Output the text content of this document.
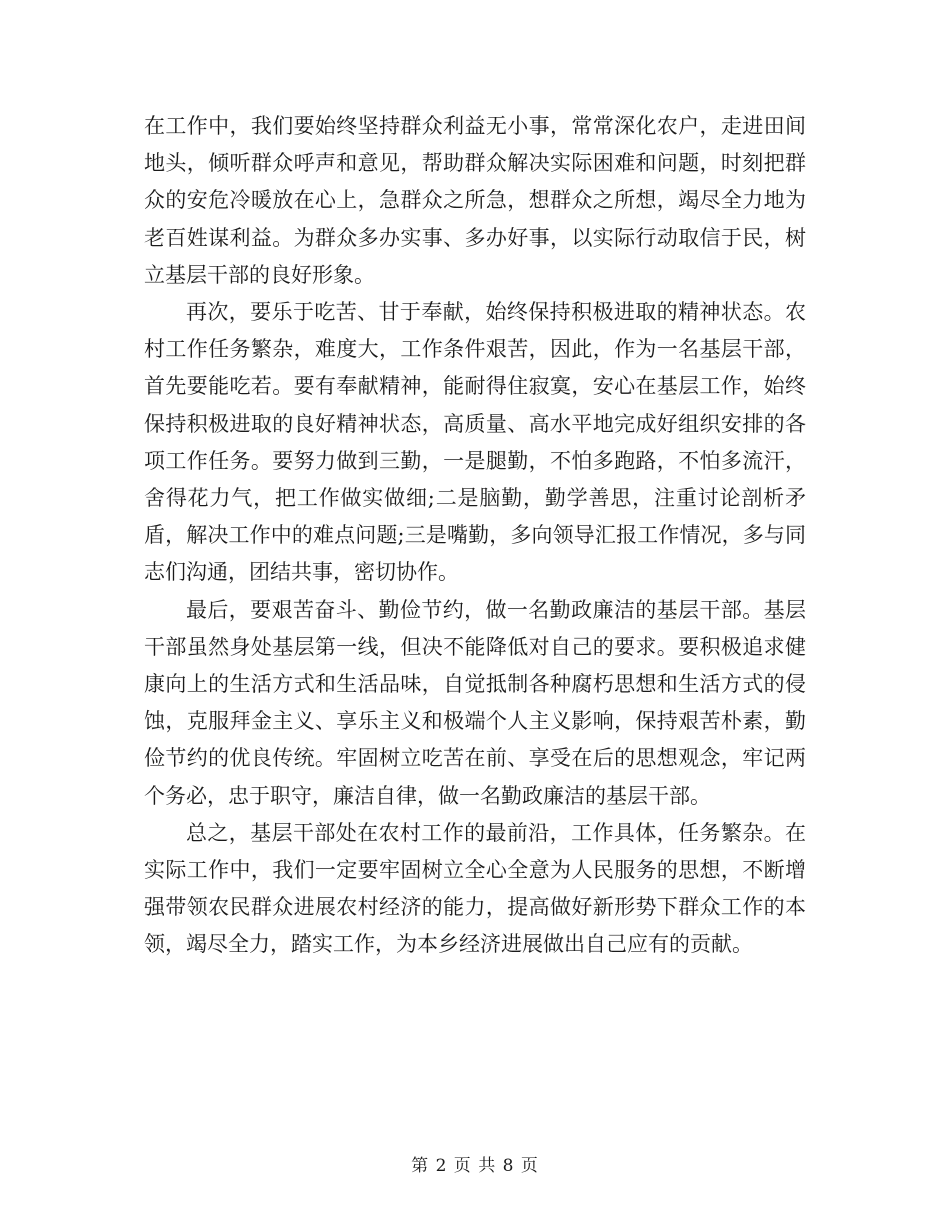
在工作中，我们要始终坚持群众利益无小事，常常深化农户，走进田间地头，倾听群众呼声和意见，帮助群众解决实际困难和问题，时刻把群众的安危冷暖放在心上，急群众之所急，想群众之所想，竭尽全力地为老百姓谋利益。为群众多办实事、多办好事，以实际行动取信于民，树立基层干部的良好形象。

再次，要乐于吃苦、甘于奉献，始终保持积极进取的精神状态。农村工作任务繁杂，难度大，工作条件艰苦，因此，作为一名基层干部，首先要能吃若。要有奉献精神，能耐得住寂寞，安心在基层工作，始终保持积极进取的良好精神状态，高质量、高水平地完成好组织安排的各项工作任务。要努力做到三勤，一是腿勤，不怕多跑路，不怕多流汗，舍得花力气，把工作做实做细;二是脑勤，勤学善思，注重讨论剖析矛盾，解决工作中的难点问题;三是嘴勤，多向领导汇报工作情况，多与同志们沟通，团结共事，密切协作。

最后，要艰苦奋斗、勤俭节约，做一名勤政廉洁的基层干部。基层干部虽然身处基层第一线，但决不能降低对自己的要求。要积极追求健康向上的生活方式和生活品味，自觉抵制各种腐朽思想和生活方式的侵蚀，克服拜金主义、享乐主义和极端个人主义影响，保持艰苦朴素，勤俭节约的优良传统。牢固树立吃苦在前、享受在后的思想观念，牢记两个务必，忠于职守，廉洁自律，做一名勤政廉洁的基层干部。

总之，基层干部处在农村工作的最前沿，工作具体，任务繁杂。在实际工作中，我们一定要牢固树立全心全意为人民服务的思想，不断增强带领农民群众进展农村经济的能力，提高做好新形势下群众工作的本领，竭尽全力，踏实工作，为本乡经济进展做出自己应有的贡献。

第 2 页 共 8 页
